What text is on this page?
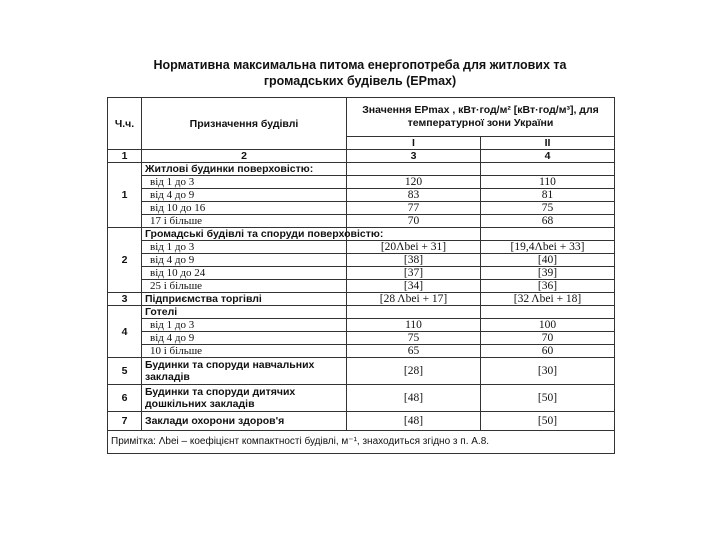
Нормативна максимальна питома енергопотреба для житлових та
громадських будівель (EPmax)
Ч.ч.	Призначення будівлі	Значення EPmax , кВт·год/м² [кВт·год/м³], для температурної зони України	
		I	II
1	2	3	4
1	Житлові будинки поверховістю:		
	від 1 до 3	120	110
	від 4 до 9	83	81
	від 10 до 16	77	75
	17 і більше	70	68
2	Громадські будівлі та споруди поверховістю:		
	від 1 до 3	[20Λbei + 31]	[19,4Λbei + 33]
	від 4 до 9	[38]	[40]
	від 10 до 24	[37]	[39]
	25 і більше	[34]	[36]
3	Підприємства торгівлі	[28 Λbei + 17]	[32 Λbei + 18]
4	Готелі		
	від 1 до 3	110	100
	від 4 до 9	75	70
	10 і більше	65	60
5	Будинки та споруди навчальних закладів	[28]	[30]
6	Будинки та споруди дитячих дошкільних закладів	[48]	[50]
7	Заклади охорони здоров'я	[48]	[50]
Примітка: Λbei – коефіцієнт компактності будівлі, м⁻¹, знаходиться згідно з п. А.8.			
